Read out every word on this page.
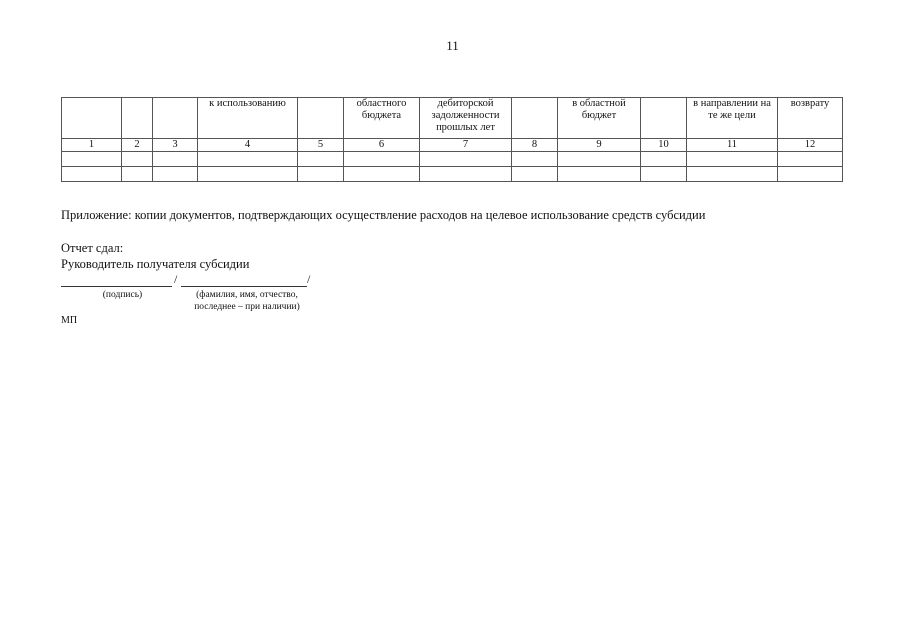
11
			к использованию		областного бюджета	дебиторской задолженности прошлых лет		в областной бюджет		в направлении на те же цели	возврату
1	2	3	4	5	6	7	8	9	10	11	12

Приложение: копии документов, подтверждающих осуществление расходов на целевое использование средств субсидии
Отчет сдал:
Руководитель получателя субсидии
/	/
(подпись)	(фамилия, имя, отчество,
последнее – при наличии)
МП
